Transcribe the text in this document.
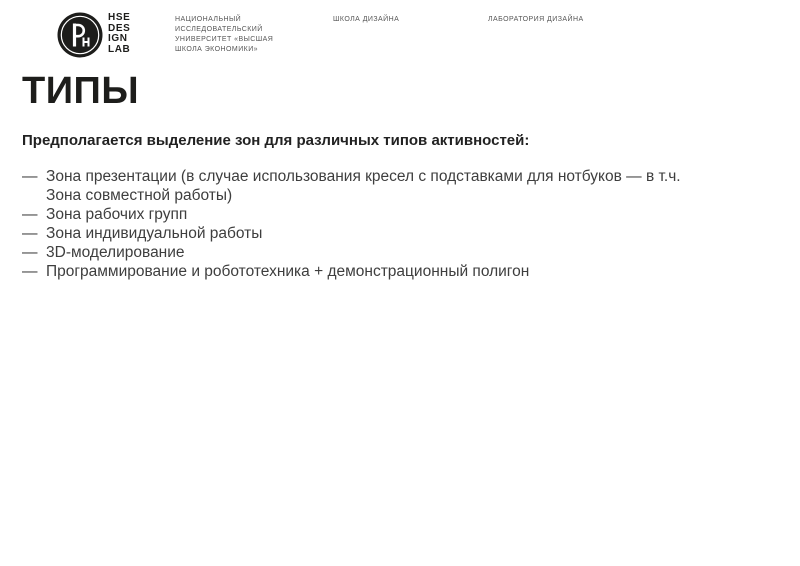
HSE
DES
IGN
LAB
НАЦИОНАЛЬНЫЙ
ИССЛЕДОВАТЕЛЬСКИЙ
УНИВЕРСИТЕТ «ВЫСШАЯ
ШКОЛА ЭКОНОМИКИ»
ШКОЛА ДИЗАЙНА	ЛАБОРАТОРИЯ ДИЗАЙНА
ТИПЫ

Предполагается выделение зон для различных типов активностей:

— Зона презентации (в случае использования кресел с подставками для нотбуков — в т.ч. Зона совместной работы)
— Зона рабочих групп
— Зона индивидуальной работы
— 3D-моделирование
— Программирование и робототехника + демонстрационный полигон
